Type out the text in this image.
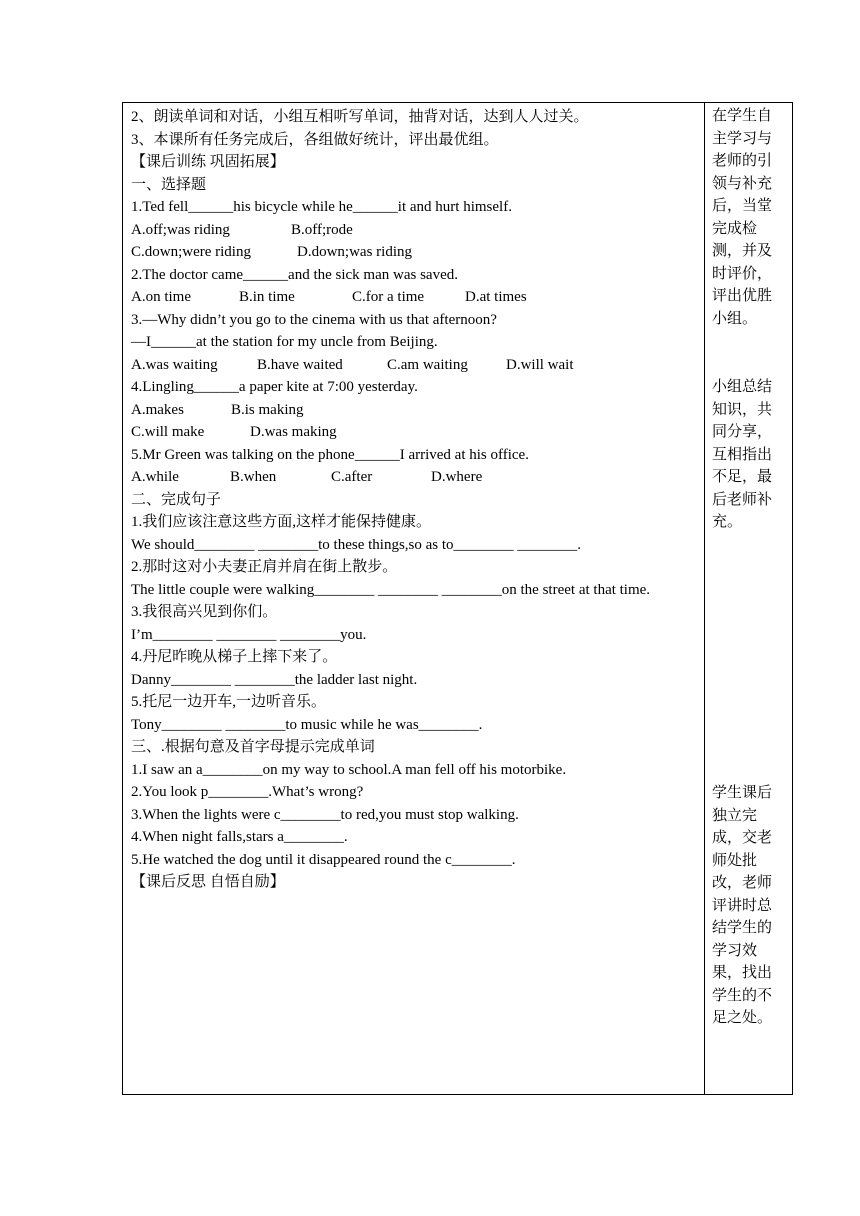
2、朗读单词和对话，小组互相听写单词，抽背对话，达到人人过关。
3、本课所有任务完成后，各组做好统计，评出最优组。
【课后训练 巩固拓展】
一、选择题
1.Ted fell______his bicycle while he______it and hurt himself.
A.off;was riding	B.off;rode
C.down;were riding	D.down;was riding
2.The doctor came______and the sick man was saved.
A.on time	B.in time	C.for a time	D.at times
3.—Why didn’t you go to the cinema with us that afternoon?
—I______at the station for my uncle from Beijing.
A.was waiting	B.have waited	C.am waiting	D.will wait
4.Lingling______a paper kite at 7:00 yesterday.
A.makes	B.is making
C.will make	D.was making
5.Mr Green was talking on the phone______I arrived at his office.
A.while	B.when	C.after	D.where
二、完成句子
1.我们应该注意这些方面,这样才能保持健康。
We should________ ________to these things,so as to________ ________.
2.那时这对小夫妻正肩并肩在街上散步。
The little couple were walking________ ________ ________on the street at that time.
3.我很高兴见到你们。
I’m________ ________ ________you.
4.丹尼昨晚从梯子上摔下来了。
Danny________ ________the ladder last night.
5.托尼一边开车,一边听音乐。
Tony________ ________to music while he was________.
三、.根据句意及首字母提示完成单词
1.I saw an a________on my way to school.A man fell off his motorbike.
2.You look p________.What’s wrong?
3.When the lights were c________to red,you must stop walking.
4.When night falls,stars a________.
5.He watched the dog until it disappeared round the c________.
【课后反思 自悟自励】

在学生自主学习与老师的引领与补充后，当堂完成检测，并及时评价，评出优胜小组。

小组总结知识，共同分享，互相指出不足，最后老师补充。

学生课后独立完成，交老师处批改，老师评讲时总结学生的学习效果，找出学生的不足之处。
